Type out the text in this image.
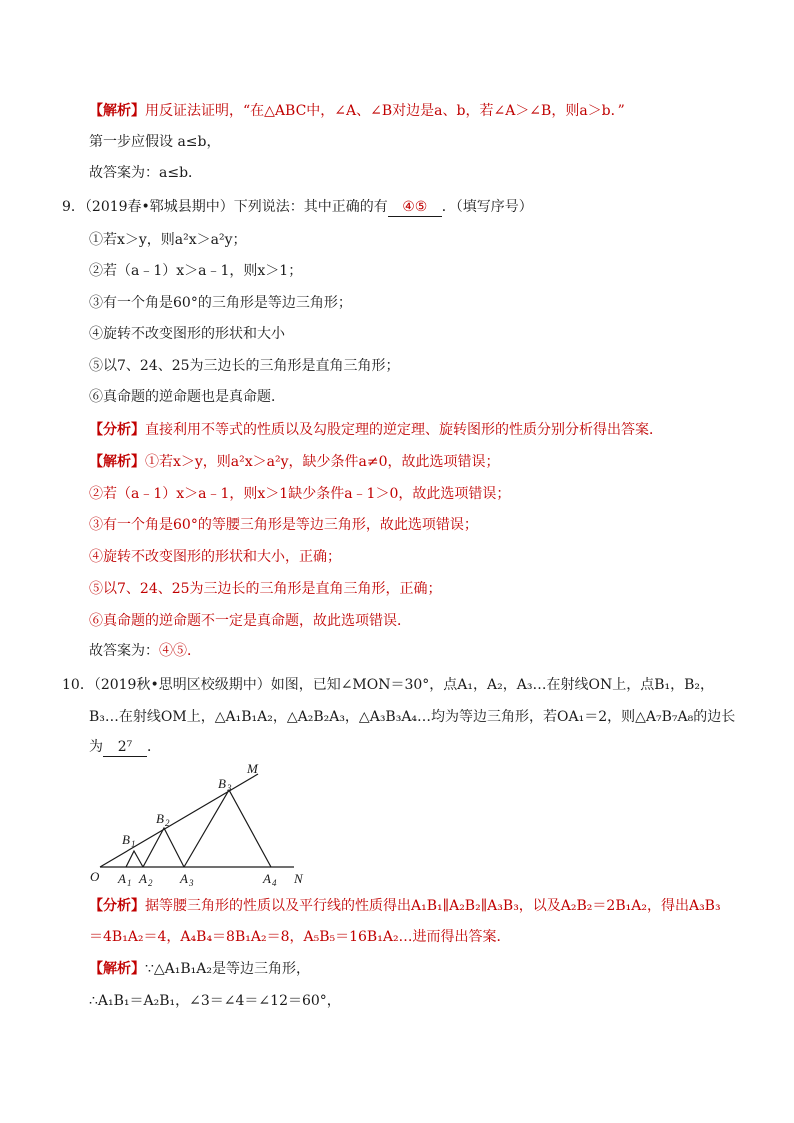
【解析】用反证法证明，“在△ABC中，∠A、∠B对边是a、b，若∠A＞∠B，则a＞b．”
第一步应假设 a≤b，
故答案为：a≤b．
9．（2019春•郓城县期中）下列说法：其中正确的有 ④⑤ ．（填写序号）
①若x＞y，则a²x＞a²y；
②若（a﹣1）x＞a﹣1，则x＞1；
③有一个角是60°的三角形是等边三角形；
④旋转不改变图形的形状和大小
⑤以7、24、25为三边长的三角形是直角三角形；
⑥真命题的逆命题也是真命题．
【分析】直接利用不等式的性质以及勾股定理的逆定理、旋转图形的性质分别分析得出答案．
【解析】①若x＞y，则a²x＞a²y，缺少条件a≠0，故此选项错误；
②若（a﹣1）x＞a﹣1，则x＞1缺少条件a﹣1＞0，故此选项错误；
③有一个角是60°的等腰三角形是等边三角形，故此选项错误；
④旋转不改变图形的形状和大小，正确；
⑤以7、24、25为三边长的三角形是直角三角形，正确；
⑥真命题的逆命题不一定是真命题，故此选项错误．
故答案为：④⑤．
10．（2019秋•思明区校级期中）如图，已知∠MON＝30°，点A₁，A₂，A₃…在射线ON上，点B₁，B₂，
B₃…在射线OM上，△A₁B₁A₂，△A₂B₂A₃，△A₃B₃A₄…均为等边三角形，若OA₁＝2，则△A₇B₇A₈的边长
为 2⁷ ．
O	N
M
A 1 A 2 A 3	A 4
B 1
B 2
B 3
【分析】据等腰三角形的性质以及平行线的性质得出A₁B₁∥A₂B₂∥A₃B₃，以及A₂B₂＝2B₁A₂，得出A₃B₃
＝4B₁A₂＝4，A₄B₄＝8B₁A₂＝8，A₅B₅＝16B₁A₂…进而得出答案．
【解析】∵△A₁B₁A₂是等边三角形，
∴A₁B₁＝A₂B₁，∠3＝∠4＝∠12＝60°，
